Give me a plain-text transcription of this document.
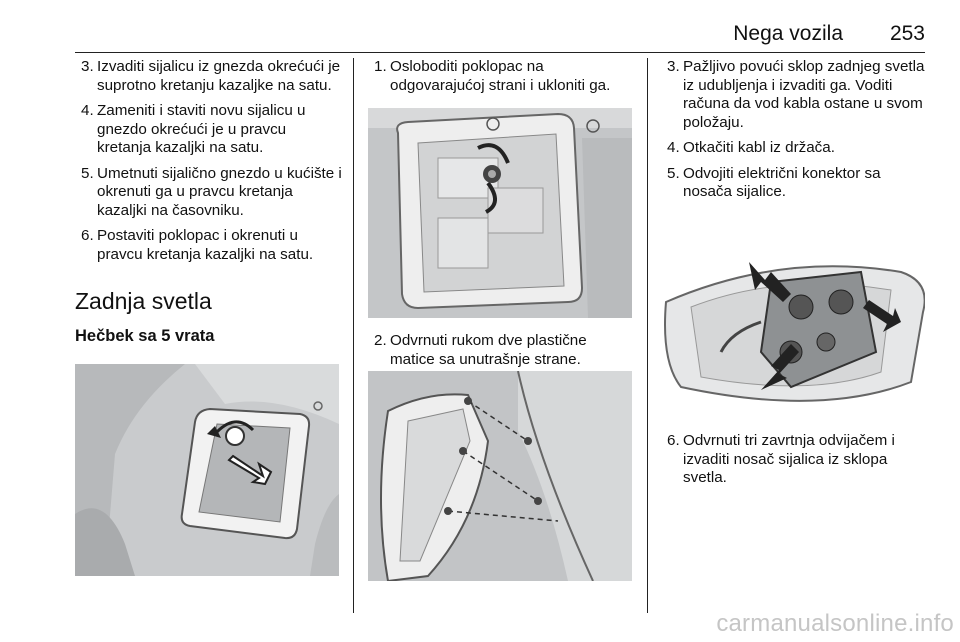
Nega vozila 253
3. Izvaditi sijalicu iz gnezda okrećući je suprotno kretanju kazaljke na satu.
4. Zameniti i staviti novu sijalicu u gnezdo okrećući je u pravcu kretanja kazaljki na satu.
5. Umetnuti sijalično gnezdo u kućište i okrenuti ga u pravcu kretanja kazaljki na časovniku.
6. Postaviti poklopac i okrenuti u pravcu kretanja kazaljki na satu.
Zadnja svetla
Hečbek sa 5 vrata
1. Osloboditi poklopac na odgovarajućoj strani i ukloniti ga.
2. Odvrnuti rukom dve plastične matice sa unutrašnje strane.
3. Pažljivo povući sklop zadnjeg svetla iz udubljenja i izvaditi ga. Voditi računa da vod kabla ostane u svom položaju.
4. Otkačiti kabl iz držača.
5. Odvojiti električni konektor sa nosača sijalice.
6. Odvrnuti tri zavrtnja odvijačem i izvaditi nosač sijalica iz sklopa svetla.
carmanualsonline.info
